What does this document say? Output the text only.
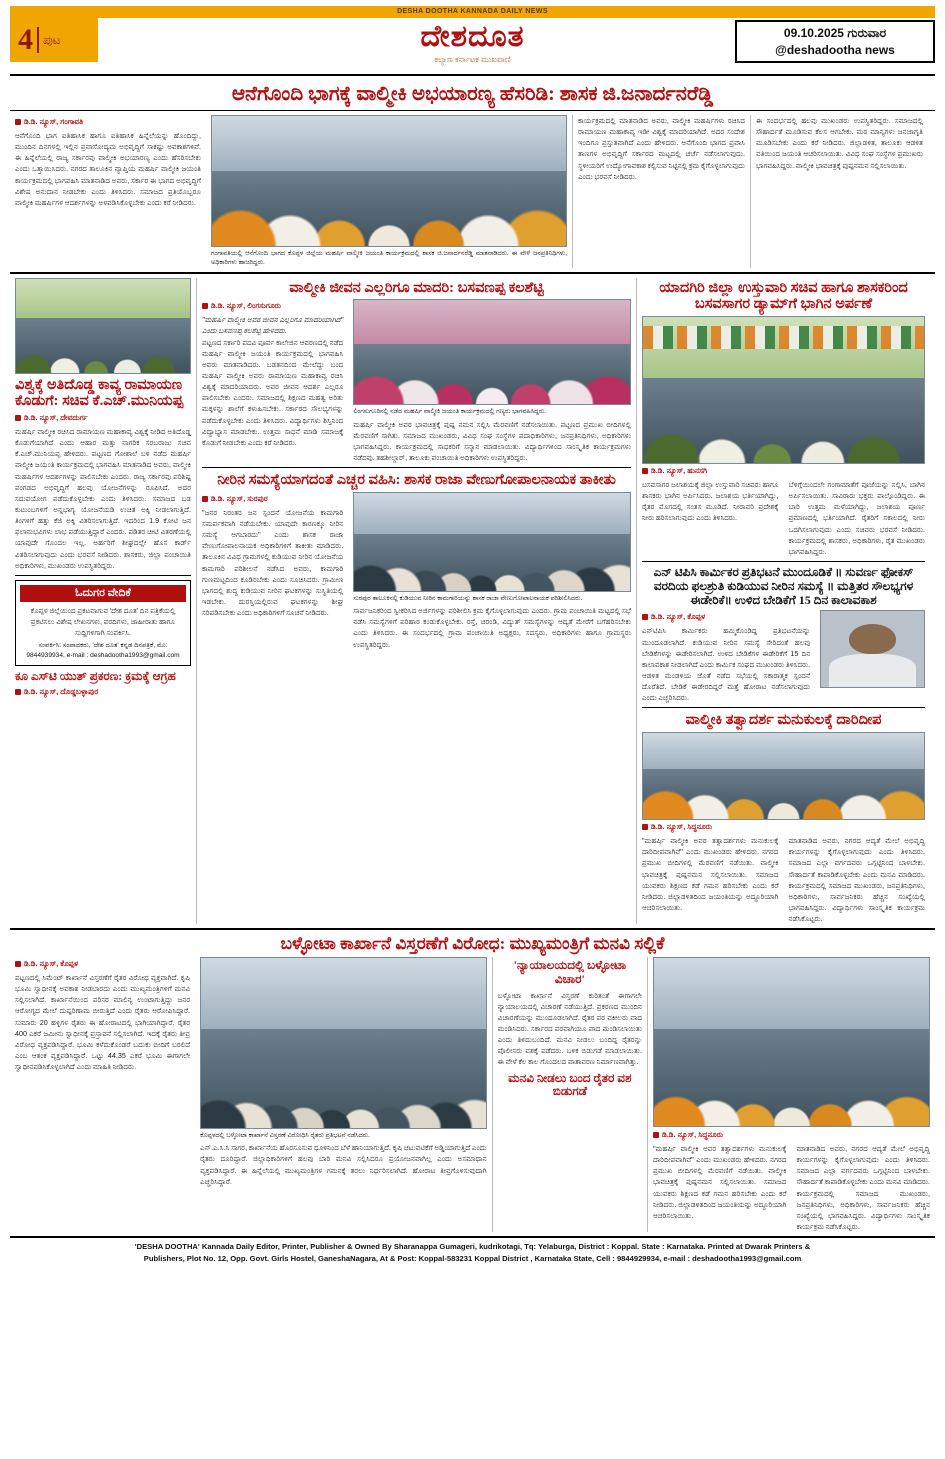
DESHA DOOTHA KANNADA DAILY NEWS
4 ಪುಟ	ದೇಶದೂತ
ಕಲ್ಯಾಣ ಕರ್ನಾಟಕ ಮುಖವಾಣಿ
09.10.2025 ಗುರುವಾರ
@deshadootha news
ಆನೆಗೊಂದಿ ಭಾಗಕ್ಕೆ ವಾಲ್ಮೀಕಿ ಅಭಯಾರಣ್ಯ ಹೆಸರಿಡಿ: ಶಾಸಕ ಜಿ.ಜನಾರ್ದನರೆಡ್ಡಿ
ಡಿ.ಡಿ. ನ್ಯೂಸ್, ಗಂಗಾವತಿ
ಆನೆಗೊಂದಿ ಭಾಗ ಐತಿಹಾಸಿಕ ಹಾಗೂ ಐತಿಹಾಸಿಕ ಹಿನ್ನೆಲೆಯನ್ನು ಹೊಂದಿದ್ದು, ಮುಂದಿನ ದಿನಗಳಲ್ಲಿ ಇಲ್ಲಿನ ಪ್ರವಾಸೋದ್ಯಮ ಅಭಿವೃದ್ಧಿಗೆ ಸಾಕಷ್ಟು ಅವಕಾಶಗಳಿವೆ. ಈ ಹಿನ್ನೆಲೆಯಲ್ಲಿ ರಾಜ್ಯ ಸರ್ಕಾರವು ವಾಲ್ಮೀಕಿ ಅಭಯಾರಣ್ಯ ಎಂದು ಹೆಸರಿಸಬೇಕು ಎಂದು ಒತ್ತಾಯಿಸಿದರು. ನಗರದ ತಾಲೂಕಿನ ವ್ಯಾಪ್ತಿಯ ಮಹರ್ಷಿ ವಾಲ್ಮೀಕಿ ಜಯಂತಿ ಕಾರ್ಯಕ್ರಮದಲ್ಲಿ ಭಾಗವಹಿಸಿ ಮಾತನಾಡಿದ ಅವರು, ಸರ್ಕಾರ ಈ ಭಾಗದ ಅಭಿವೃದ್ಧಿಗೆ ವಿಶೇಷ ಅನುದಾನ ನೀಡಬೇಕು ಎಂದು ತಿಳಿಸಿದರು. ಸಮಾಜದ ಪ್ರತಿಯೊಬ್ಬರೂ ವಾಲ್ಮೀಕಿ ಮಹರ್ಷಿಗಳ ಆದರ್ಶಗಳನ್ನು ಅಳವಡಿಸಿಕೊಳ್ಳಬೇಕು ಎಂದು ಕರೆ ನೀಡಿದರು.
ಗಂಗಾವತಿಯಲ್ಲಿ ಆನೆಗೊಂದಿ ಭಾಗದ ಕೊಪ್ಪಳ ಜಿಲ್ಲೆಯ ಮಹರ್ಷಿ ವಾಲ್ಮೀಕಿ ಜಯಂತಿ ಕಾರ್ಯಕ್ರಮದಲ್ಲಿ ಶಾಸಕ ಜಿ.ಜನಾರ್ದನರೆಡ್ಡಿ ಮಾತನಾಡಿದರು. ಈ ವೇಳೆ ಜನಪ್ರತಿನಿಧಿಗಳು, ಅಧಿಕಾರಿಗಳು ಹಾಜರಿದ್ದರು.
ಕಾರ್ಯಕ್ರಮದಲ್ಲಿ ಮಾತನಾಡಿದ ಅವರು, ವಾಲ್ಮೀಕಿ ಮಹರ್ಷಿಗಳು ರಚಿಸಿದ ರಾಮಾಯಣ ಮಹಾಕಾವ್ಯ ಇಡೀ ವಿಶ್ವಕ್ಕೆ ಮಾದರಿಯಾಗಿದೆ. ಅದರ ಸಂದೇಶ ಇಂದಿಗೂ ಪ್ರಸ್ತುತವಾಗಿದೆ ಎಂದು ಹೇಳಿದರು. ಆನೆಗೊಂದಿ ಭಾಗದ ಪ್ರವಾಸಿ ತಾಣಗಳ ಅಭಿವೃದ್ಧಿಗೆ ಸರ್ಕಾರದ ಮಟ್ಟದಲ್ಲಿ ಚರ್ಚೆ ನಡೆಸಲಾಗುವುದು. ಸ್ಥಳೀಯರಿಗೆ ಉದ್ಯೋಗಾವಕಾಶ ಕಲ್ಪಿಸುವ ನಿಟ್ಟಿನಲ್ಲಿ ಕ್ರಮ ಕೈಗೊಳ್ಳಲಾಗುವುದು ಎಂದು ಭರವಸೆ ನೀಡಿದರು.
ಈ ಸಂದರ್ಭದಲ್ಲಿ ಹಲವು ಮುಖಂಡರು ಉಪಸ್ಥಿತರಿದ್ದರು. ಸಮಾಜದಲ್ಲಿ ಸೌಹಾರ್ದತೆ ಮೂಡಿಸುವ ಕೆಲಸ ಆಗಬೇಕು. ಮಠ ಮಾನ್ಯಗಳು ಜನಜಾಗೃತಿ ಮೂಡಿಸಬೇಕು ಎಂದು ಕರೆ ನೀಡಿದರು. ಜಿಲ್ಲಾಡಳಿತ, ತಾಲೂಕು ಆಡಳಿತ ವತಿಯಿಂದ ಜಯಂತಿ ಆಚರಿಸಲಾಯಿತು. ವಿವಿಧ ಸಂಘ ಸಂಸ್ಥೆಗಳ ಪ್ರಮುಖರು ಭಾಗವಹಿಸಿದ್ದರು. ವಾಲ್ಮೀಕಿ ಭಾವಚಿತ್ರಕ್ಕೆ ಪುಷ್ಪನಮನ ಸಲ್ಲಿಸಲಾಯಿತು.
ವಿಶ್ವಕ್ಕೆ ಅತಿದೊಡ್ಡ ಕಾವ್ಯ ರಾಮಾಯಣ ಕೊಡುಗೆ: ಸಚಿವ ಕೆ.ಎಚ್.ಮುನಿಯಪ್ಪ
ಡಿ.ಡಿ. ನ್ಯೂಸ್, ದೇವದುರ್ಗ
ಮಹರ್ಷಿ ವಾಲ್ಮೀಕಿ ರಚಿಸಿದ ರಾಮಾಯಣ ಮಹಾಕಾವ್ಯ ವಿಶ್ವಕ್ಕೆ ನೀಡಿದ ಅತಿದೊಡ್ಡ ಕೊಡುಗೆಯಾಗಿದೆ ಎಂದು ಆಹಾರ ಮತ್ತು ನಾಗರಿಕ ಸರಬರಾಜು ಸಚಿವ ಕೆ.ಎಚ್.ಮುನಿಯಪ್ಪ ಹೇಳಿದರು. ಪಟ್ಟಣದ ಗೋಶಾಲೆ ಬಳಿ ನಡೆದ ಮಹರ್ಷಿ ವಾಲ್ಮೀಕಿ ಜಯಂತಿ ಕಾರ್ಯಕ್ರಮದಲ್ಲಿ ಭಾಗವಹಿಸಿ ಮಾತನಾಡಿದ ಅವರು, ವಾಲ್ಮೀಕಿ ಮಹರ್ಷಿಗಳ ಆದರ್ಶಗಳನ್ನು ಪಾಲಿಸಬೇಕು ಎಂದರು. ರಾಜ್ಯ ಸರ್ಕಾರವು ಪರಿಶಿಷ್ಟ ಪಂಗಡದ ಅಭಿವೃದ್ಧಿಗೆ ಹಲವು ಯೋಜನೆಗಳನ್ನು ರೂಪಿಸಿದೆ. ಅದರ ಸದುಪಯೋಗ ಪಡೆದುಕೊಳ್ಳಬೇಕು ಎಂದು ತಿಳಿಸಿದರು. ಸಮಾಜದ ಬಡ ಕುಟುಂಬಗಳಿಗೆ ಅನ್ನಭಾಗ್ಯ ಯೋಜನೆಯಡಿ ಉಚಿತ ಅಕ್ಕಿ ನೀಡಲಾಗುತ್ತಿದೆ. ತಿಂಗಳಿಗೆ ಹತ್ತು ಕೆಜಿ ಅಕ್ಕಿ ವಿತರಿಸಲಾಗುತ್ತಿದೆ. ಇದರಿಂದ 1.9 ಕೋಟಿ ಜನ ಫಲಾನುಭವಿಗಳು ಲಾಭ ಪಡೆಯುತ್ತಿದ್ದಾರೆ ಎಂದರು. ಪಡಿತರ ಚೀಟಿ ವಿತರಣೆಯಲ್ಲಿ ಯಾವುದೇ ಗೊಂದಲ ಇಲ್ಲ. ಅರ್ಹರಿಗೆ ಶೀಘ್ರದಲ್ಲೇ ಹೊಸ ಕಾರ್ಡ್ ವಿತರಿಸಲಾಗುವುದು ಎಂದು ಭರವಸೆ ನೀಡಿದರು. ಶಾಸಕರು, ಜಿಲ್ಲಾ ಪಂಚಾಯಿತಿ ಅಧಿಕಾರಿಗಳು, ಮುಖಂಡರು ಉಪಸ್ಥಿತರಿದ್ದರು.
ಓದುಗರ ವೇದಿಕೆ
ಕೊಪ್ಪಳ ಜಿಲ್ಲೆಯಿಂದ ಪ್ರಕಟವಾಗುವ 'ದೇಶ ದೂತ' ದಿನ ಪತ್ರಿಕೆಯಲ್ಲಿ ಪ್ರಕಟಿಸಲು ವಿಶೇಷ ಲೇಖನಗಳು, ವರದಿಗಳು, ಜಾಹೀರಾತು ಹಾಗೂ ಸುದ್ದಿಗಳಿಗಾಗಿ ಸಂಪರ್ಕಿಸಿ.
ಸಂಪರ್ಕಿಸಿ: ಸಂಪಾದಕರು, 'ದೇಶ ದೂತ' ಕನ್ನಡ ದಿನಪತ್ರಿಕೆ, ಮೊ: 9844939934, e-mail : deshadootha1993@gmail.com
ಕೂ ಎಸ್‌ಟಿ ಯುತ್ ಪ್ರಕರಣ: ಕ್ರಮಕ್ಕೆ ಆಗ್ರಹ
ಡಿ.ಡಿ. ನ್ಯೂಸ್, ದೊಡ್ಡಬಳ್ಳಾಪುರ
ವಾಲ್ಮೀಕಿ ಜೀವನ ಎಲ್ಲರಿಗೂ ಮಾದರಿ: ಬಸವಣಪ್ಪ ಕಲಶೆಟ್ಟಿ
ಡಿ.ಡಿ. ನ್ಯೂಸ್, ಲಿಂಗಸುಗೂರು
"ಮಹರ್ಷಿ ವಾಲ್ಮೀಕಿ ಅವರ ಜೀವನ ಎಲ್ಲರಿಗೂ ಮಾದರಿಯಾಗಿದೆ" ಎಂದು ಬಸವಣಪ್ಪ ಕಲಶೆಟ್ಟಿ ಹೇಳಿದರು.
ಪಟ್ಟಣದ ಸರ್ಕಾರಿ ಪದವಿ ಪೂರ್ವ ಕಾಲೇಜಿನ ಆವರಣದಲ್ಲಿ ನಡೆದ ಮಹರ್ಷಿ ವಾಲ್ಮೀಕಿ ಜಯಂತಿ ಕಾರ್ಯಕ್ರಮದಲ್ಲಿ ಭಾಗವಹಿಸಿ ಅವರು ಮಾತನಾಡಿದರು. ಬಡತನದಿಂದ ಮೇಲೆದ್ದು ಬಂದ ಮಹರ್ಷಿ ವಾಲ್ಮೀಕಿ ಅವರು ರಾಮಾಯಣ ಮಹಾಕಾವ್ಯ ರಚಿಸಿ ವಿಶ್ವಕ್ಕೆ ಮಾದರಿಯಾದರು. ಅವರ ಜೀವನ ಆದರ್ಶ ಎಲ್ಲರೂ ಪಾಲಿಸಬೇಕು ಎಂದರು. ಸಮಾಜದಲ್ಲಿ ಶಿಕ್ಷಣದ ಮಹತ್ವ ಅರಿತು ಮಕ್ಕಳನ್ನು ಶಾಲೆಗೆ ಕಳುಹಿಸಬೇಕು. ಸರ್ಕಾರದ ಸೌಲಭ್ಯಗಳನ್ನು ಪಡೆದುಕೊಳ್ಳಬೇಕು ಎಂದು ತಿಳಿಸಿದರು. ವಿದ್ಯಾರ್ಥಿಗಳು ಶಿಸ್ತಿನಿಂದ ವಿದ್ಯಾಭ್ಯಾಸ ಮಾಡಬೇಕು. ಉತ್ತಮ ಸಾಧನೆ ಮಾಡಿ ಸಮಾಜಕ್ಕೆ ಕೊಡುಗೆ ನೀಡಬೇಕು ಎಂದು ಕರೆ ನೀಡಿದರು.
ಲಿಂಗಸುಗೂರಿನಲ್ಲಿ ನಡೆದ ಮಹರ್ಷಿ ವಾಲ್ಮೀಕಿ ಜಯಂತಿ ಕಾರ್ಯಕ್ರಮದಲ್ಲಿ ಗಣ್ಯರು ಭಾಗವಹಿಸಿದ್ದರು.
ಮಹರ್ಷಿ ವಾಲ್ಮೀಕಿ ಅವರ ಭಾವಚಿತ್ರಕ್ಕೆ ಪುಷ್ಪ ನಮನ ಸಲ್ಲಿಸಿ ಮೆರವಣಿಗೆ ನಡೆಸಲಾಯಿತು. ಪಟ್ಟಣದ ಪ್ರಮುಖ ಬೀದಿಗಳಲ್ಲಿ ಮೆರವಣಿಗೆ ಸಾಗಿತು. ಸಮಾಜದ ಮುಖಂಡರು, ವಿವಿಧ ಸಂಘ ಸಂಸ್ಥೆಗಳ ಪದಾಧಿಕಾರಿಗಳು, ಜನಪ್ರತಿನಿಧಿಗಳು, ಅಧಿಕಾರಿಗಳು ಭಾಗವಹಿಸಿದ್ದರು. ಕಾರ್ಯಕ್ರಮದಲ್ಲಿ ಸಾಧಕರಿಗೆ ಸನ್ಮಾನ ಮಾಡಲಾಯಿತು. ವಿದ್ಯಾರ್ಥಿಗಳಿಂದ ಸಾಂಸ್ಕೃತಿಕ ಕಾರ್ಯಕ್ರಮಗಳು ನಡೆದವು. ತಹಶೀಲ್ದಾರ್, ತಾಲೂಕು ಪಂಚಾಯಿತಿ ಅಧಿಕಾರಿಗಳು ಉಪಸ್ಥಿತರಿದ್ದರು.
ನೀರಿನ ಸಮಸ್ಯೆಯಾಗದಂತೆ ಎಚ್ಚರ ವಹಿಸಿ: ಶಾಸಕ ರಾಜಾ ವೇಣುಗೋಪಾಲನಾಯಕ ತಾಕೀತು
ಡಿ.ಡಿ. ನ್ಯೂಸ್, ಸುರಪುರ
"ಜನರ ನಿರಂತರ ಜನ ಸ್ಪಂದನೆ ಯೋಜನೆಯ ಕಾಮಗಾರಿ ಸಮರ್ಪಕವಾಗಿ ನಡೆಯಬೇಕು. ಯಾವುದೇ ಕಾರಣಕ್ಕೂ ನೀರಿನ ಸಮಸ್ಯೆ ಆಗಬಾರದು" ಎಂದು ಶಾಸಕ ರಾಜಾ ವೇಣುಗೋಪಾಲನಾಯಕ ಅಧಿಕಾರಿಗಳಿಗೆ ತಾಕೀತು ಮಾಡಿದರು. ತಾಲೂಕಿನ ವಿವಿಧ ಗ್ರಾಮಗಳಲ್ಲಿ ಕುಡಿಯುವ ನೀರಿನ ಯೋಜನೆಯ ಕಾಮಗಾರಿ ಪರಿಶೀಲನೆ ನಡೆಸಿದ ಅವರು, ಕಾಮಗಾರಿ ಗುಣಮಟ್ಟದಿಂದ ಕೂಡಿರಬೇಕು ಎಂದು ಸೂಚಿಸಿದರು. ಗ್ರಾಮೀಣ ಭಾಗದಲ್ಲಿ ಶುದ್ಧ ಕುಡಿಯುವ ನೀರಿನ ಘಟಕಗಳನ್ನು ಸುಸ್ಥಿತಿಯಲ್ಲಿ ಇಡಬೇಕು. ದುರಸ್ತಿಯಲ್ಲಿರುವ ಘಟಕಗಳನ್ನು ಶೀಘ್ರ ಸರಿಪಡಿಸಬೇಕು ಎಂದು ಅಧಿಕಾರಿಗಳಿಗೆ ಸೂಚನೆ ನೀಡಿದರು.
ಸುರಪುರ ತಾಲೂಕಿನಲ್ಲಿ ಕುಡಿಯುವ ನೀರಿನ ಕಾಮಗಾರಿಯನ್ನು ಶಾಸಕ ರಾಜಾ ವೇಣುಗೋಪಾಲನಾಯಕ ಪರಿಶೀಲಿಸಿದರು.
ಸಾರ್ವಜನಿಕರಿಂದ ಸ್ವೀಕರಿಸಿದ ಅರ್ಜಿಗಳನ್ನು ಪರಿಶೀಲಿಸಿ ಕ್ರಮ ಕೈಗೊಳ್ಳಲಾಗುವುದು ಎಂದರು. ಗ್ರಾಮ ಪಂಚಾಯಿತಿ ಮಟ್ಟದಲ್ಲಿ ಸಭೆ ನಡೆಸಿ ಸಮಸ್ಯೆಗಳಿಗೆ ಪರಿಹಾರ ಕಂಡುಕೊಳ್ಳಬೇಕು. ರಸ್ತೆ, ಚರಂಡಿ, ವಿದ್ಯುತ್ ಸಮಸ್ಯೆಗಳನ್ನು ಆದ್ಯತೆ ಮೇರೆಗೆ ಬಗೆಹರಿಸಬೇಕು ಎಂದು ತಿಳಿಸಿದರು. ಈ ಸಂದರ್ಭದಲ್ಲಿ ಗ್ರಾಮ ಪಂಚಾಯಿತಿ ಅಧ್ಯಕ್ಷರು, ಸದಸ್ಯರು, ಅಧಿಕಾರಿಗಳು ಹಾಗೂ ಗ್ರಾಮಸ್ಥರು ಉಪಸ್ಥಿತರಿದ್ದರು.
ಯಾದಗಿರಿ ಜಿಲ್ಲಾ ಉಸ್ತುವಾರಿ ಸಚಿವ ಹಾಗೂ ಶಾಸಕರಿಂದ ಬಸವಸಾಗರ ಡ್ಯಾಮ್‌ಗೆ ಭಾಗಿನ ಅರ್ಪಣೆ
ಡಿ.ಡಿ. ನ್ಯೂಸ್, ಹುನಸಗಿ
ಬಸವಸಾಗರ ಜಲಾಶಯಕ್ಕೆ ಜಿಲ್ಲಾ ಉಸ್ತುವಾರಿ ಸಚಿವರು ಹಾಗೂ ಶಾಸಕರು ಭಾಗಿನ ಅರ್ಪಿಸಿದರು. ಜಲಾಶಯ ಭರ್ತಿಯಾಗಿದ್ದು, ರೈತರ ಮೊಗದಲ್ಲಿ ಸಂತಸ ಮೂಡಿದೆ. ನೀರಾವರಿ ಪ್ರದೇಶಕ್ಕೆ ನೀರು ಹರಿಸಲಾಗುವುದು ಎಂದು ತಿಳಿಸಿದರು.
ಬೆಳಿಗ್ಗೆಯಿಂದಲೇ ಗಂಗಾಮಾತೆಗೆ ಪೂಜೆಯನ್ನು ಸಲ್ಲಿಸಿ, ಬಾಗಿನ ಅರ್ಪಿಸಲಾಯಿತು. ಸಾವಿರಾರು ಭಕ್ತರು ಪಾಲ್ಗೊಂಡಿದ್ದರು. ಈ ಬಾರಿ ಉತ್ತಮ ಮಳೆಯಾಗಿದ್ದು, ಜಲಾಶಯ ಪೂರ್ಣ ಪ್ರಮಾಣದಲ್ಲಿ ಭರ್ತಿಯಾಗಿದೆ. ರೈತರಿಗೆ ಸಕಾಲದಲ್ಲಿ ನೀರು ಒದಗಿಸಲಾಗುವುದು ಎಂದು ಸಚಿವರು ಭರವಸೆ ನೀಡಿದರು. ಕಾರ್ಯಕ್ರಮದಲ್ಲಿ ಶಾಸಕರು, ಅಧಿಕಾರಿಗಳು, ರೈತ ಮುಖಂಡರು ಭಾಗವಹಿಸಿದ್ದರು.
ಎನ್ ಟಿಪಿಸಿ ಕಾರ್ಮಿಕರ ಪ್ರತಿಭಟನೆ ಮುಂದೂಡಿಕೆ ॥ ಸುವರ್ಣ ಫೋಕಸ್ ವರದಿಯ ಫಲಶ್ರುತಿ ಕುಡಿಯುವ ನೀರಿನ ಸಮಸ್ಯೆ ॥ ಮತ್ತಿತರ ಸೌಲಭ್ಯಗಳ ಈಡೇರಿಕೆ॥ ಉಳಿದ ಬೇಡಿಕೆಗೆ 15 ದಿನ ಕಾಲಾವಕಾಶ
ಡಿ.ಡಿ. ನ್ಯೂಸ್, ಕೊಪ್ಪಳ
ಎನ್‌ಟಿಪಿಸಿ ಕಾರ್ಮಿಕರು ಹಮ್ಮಿಕೊಂಡಿದ್ದ ಪ್ರತಿಭಟನೆಯನ್ನು ಮುಂದೂಡಲಾಗಿದೆ. ಕುಡಿಯುವ ನೀರಿನ ಸಮಸ್ಯೆ ಸೇರಿದಂತೆ ಹಲವು ಬೇಡಿಕೆಗಳನ್ನು ಈಡೇರಿಸಲಾಗಿದೆ. ಉಳಿದ ಬೇಡಿಕೆಗಳ ಈಡೇರಿಕೆಗೆ 15 ದಿನ ಕಾಲಾವಕಾಶ ನೀಡಲಾಗಿದೆ ಎಂದು ಕಾರ್ಮಿಕ ಸಂಘದ ಮುಖಂಡರು ತಿಳಿಸಿದರು. ಆಡಳಿತ ಮಂಡಳಿಯ ಜೊತೆ ನಡೆದ ಸಭೆಯಲ್ಲಿ ಸಕಾರಾತ್ಮಕ ಸ್ಪಂದನೆ ದೊರೆತಿದೆ. ಬೇಡಿಕೆ ಈಡೇರದಿದ್ದರೆ ಮತ್ತೆ ಹೋರಾಟ ನಡೆಸಲಾಗುವುದು ಎಂದು ಎಚ್ಚರಿಸಿದರು.
ವಾಲ್ಮೀಕಿ ತತ್ವಾದರ್ಶ ಮನುಕುಲಕ್ಕೆ ದಾರಿದೀಪ
ಡಿ.ಡಿ. ನ್ಯೂಸ್, ಸಿದ್ಧನೂರು
"ಮಹರ್ಷಿ ವಾಲ್ಮೀಕಿ ಅವರ ತತ್ವಾದರ್ಶಗಳು ಮನುಕುಲಕ್ಕೆ ದಾರಿದೀಪವಾಗಿವೆ" ಎಂದು ಮುಖಂಡರು ಹೇಳಿದರು. ನಗರದ ಪ್ರಮುಖ ಬೀದಿಗಳಲ್ಲಿ ಮೆರವಣಿಗೆ ನಡೆಯಿತು. ವಾಲ್ಮೀಕಿ ಭಾವಚಿತ್ರಕ್ಕೆ ಪುಷ್ಪನಮನ ಸಲ್ಲಿಸಲಾಯಿತು. ಸಮಾಜದ ಯುವಕರು ಶಿಕ್ಷಣದ ಕಡೆ ಗಮನ ಹರಿಸಬೇಕು ಎಂದು ಕರೆ ನೀಡಿದರು. ಜಿಲ್ಲಾಡಳಿತದಿಂದ ಜಯಂತಿಯನ್ನು ಅದ್ಧೂರಿಯಾಗಿ ಆಚರಿಸಲಾಯಿತು.
ಮಾತನಾಡಿದ ಅವರು, ನಗರದ ಆದ್ಯತೆ ಮೇಲೆ ಅಭಿವೃದ್ಧಿ ಕಾರ್ಯಗಳನ್ನು ಕೈಗೊಳ್ಳಲಾಗುವುದು ಎಂದು ತಿಳಿಸಿದರು. ಸಮಾಜದ ಎಲ್ಲಾ ವರ್ಗದವರು ಒಗ್ಗಟ್ಟಿನಿಂದ ಬಾಳಬೇಕು. ಸೌಹಾರ್ದತೆ ಕಾಪಾಡಿಕೊಳ್ಳಬೇಕು ಎಂದು ಮನವಿ ಮಾಡಿದರು. ಕಾರ್ಯಕ್ರಮದಲ್ಲಿ ಸಮಾಜದ ಮುಖಂಡರು, ಜನಪ್ರತಿನಿಧಿಗಳು, ಅಧಿಕಾರಿಗಳು, ಸಾರ್ವಜನಿಕರು ಹೆಚ್ಚಿನ ಸಂಖ್ಯೆಯಲ್ಲಿ ಭಾಗವಹಿಸಿದ್ದರು. ವಿದ್ಯಾರ್ಥಿಗಳು ಸಾಂಸ್ಕೃತಿಕ ಕಾರ್ಯಕ್ರಮ ನಡೆಸಿಕೊಟ್ಟರು.
ಬಳ್ಳೋಟಾ ಕಾರ್ಖಾನೆ ವಿಸ್ತರಣೆಗೆ ವಿರೋಧ: ಮುಖ್ಯಮಂತ್ರಿಗೆ ಮನವಿ ಸಲ್ಲಿಕೆ
ಡಿ.ಡಿ. ನ್ಯೂಸ್, ಕೊಪ್ಪಳ
ಪಟ್ಟಣದಲ್ಲಿ ಸಿಮೆಂಟ್ ಕಾರ್ಖಾನೆ ವಿಸ್ತರಣೆಗೆ ರೈತರ ವಿರೋಧ ವ್ಯಕ್ತವಾಗಿದೆ. ಕೃಷಿ ಭೂಮಿ ಸ್ವಾಧೀನಕ್ಕೆ ಅವಕಾಶ ನೀಡಬಾರದು ಎಂದು ಮುಖ್ಯಮಂತ್ರಿಗಳಿಗೆ ಮನವಿ ಸಲ್ಲಿಸಲಾಗಿದೆ. ಕಾರ್ಖಾನೆಯಿಂದ ಪರಿಸರ ಮಾಲಿನ್ಯ ಉಂಟಾಗುತ್ತಿದ್ದು ಜನರ ಆರೋಗ್ಯದ ಮೇಲೆ ದುಷ್ಪರಿಣಾಮ ಬೀರುತ್ತಿದೆ ಎಂದು ರೈತರು ಆರೋಪಿಸಿದ್ದಾರೆ. ಸುಮಾರು 20 ಹಳ್ಳಿಗಳ ರೈತರು ಈ ಹೋರಾಟದಲ್ಲಿ ಭಾಗಿಯಾಗಿದ್ದಾರೆ. ರೈತರ 400 ಎಕರೆ ಜಮೀನು ಸ್ವಾಧೀನಕ್ಕೆ ಪ್ರಸ್ತಾವನೆ ಸಲ್ಲಿಸಲಾಗಿದೆ. ಇದಕ್ಕೆ ರೈತರು ತೀವ್ರ ವಿರೋಧ ವ್ಯಕ್ತಪಡಿಸಿದ್ದಾರೆ. ಭೂಮಿ ಕಳೆದುಕೊಂಡರೆ ಬದುಕು ಬೀದಿಗೆ ಬರಲಿದೆ ಎಂಬ ಆತಂಕ ವ್ಯಕ್ತಪಡಿಸಿದ್ದಾರೆ. ಒಟ್ಟು 44.35 ಎಕರೆ ಭೂಮಿ ಈಗಾಗಲೇ ಸ್ವಾಧೀನಪಡಿಸಿಕೊಳ್ಳಲಾಗಿದೆ ಎಂದು ಮಾಹಿತಿ ನೀಡಿದರು.
ಕೊಪ್ಪಳದಲ್ಲಿ ಬಳ್ಳೋಟಾ ಕಾರ್ಖಾನೆ ವಿಸ್ತರಣೆ ವಿರೋಧಿಸಿ ರೈತರು ಪ್ರತಿಭಟನೆ ನಡೆಸಿದರು.
ಎನ್.ಎ.ಸಿ.ಸಿ ಸಾಗರ, ಕಾರ್ಖಾನೆಯ ಹೊರಸೂಸುವ ಧೂಳಿನಿಂದ ಬೆಳೆ ಹಾನಿಯಾಗುತ್ತಿದೆ. ಕೃಷಿ ಚಟುವಟಿಕೆಗೆ ಅಡ್ಡಿಯಾಗುತ್ತಿದೆ ಎಂದು ರೈತರು ದೂರಿದ್ದಾರೆ. ಜಿಲ್ಲಾಧಿಕಾರಿಗಳಿಗೆ ಹಲವು ಬಾರಿ ಮನವಿ ಸಲ್ಲಿಸಿದರೂ ಪ್ರಯೋಜನವಾಗಿಲ್ಲ ಎಂದು ಅಸಮಾಧಾನ ವ್ಯಕ್ತಪಡಿಸಿದ್ದಾರೆ. ಈ ಹಿನ್ನೆಲೆಯಲ್ಲಿ ಮುಖ್ಯಮಂತ್ರಿಗಳ ಗಮನಕ್ಕೆ ತರಲು ನಿರ್ಧರಿಸಲಾಗಿದೆ. ಹೋರಾಟ ತೀವ್ರಗೊಳಿಸುವುದಾಗಿ ಎಚ್ಚರಿಸಿದ್ದಾರೆ.
'ನ್ಯಾಯಾಲಯದಲ್ಲಿ ಬಳ್ಳೋಟಾ ವಿಚಾರ'
ಬಳ್ಳೋಟಾ ಕಾರ್ಖಾನೆ ವಿಸ್ತರಣೆ ಕುರಿತಂತೆ ಈಗಾಗಲೇ ನ್ಯಾಯಾಲಯದಲ್ಲಿ ವಿಚಾರಣೆ ನಡೆಯುತ್ತಿದೆ. ಪ್ರಕರಣದ ಮುಂದಿನ ವಿಚಾರಣೆಯನ್ನು ಮುಂದೂಡಲಾಗಿದೆ. ರೈತರ ಪರ ವಕೀಲರು ವಾದ ಮಂಡಿಸಿದರು. ಸರ್ಕಾರದ ಪರವಾಗಿಯೂ ವಾದ ಮಂಡಿಸಲಾಯಿತು ಎಂದು ತಿಳಿದುಬಂದಿದೆ. ಮನವಿ ನೀಡಲು ಬಂದಿದ್ದ ರೈತರನ್ನು ಪೊಲೀಸರು ವಶಕ್ಕೆ ಪಡೆದರು. ಬಳಿಕ ಬಿಡುಗಡೆ ಮಾಡಲಾಯಿತು. ಈ ವೇಳೆ ಕೆಲ ಕಾಲ ಗೊಂದಲದ ವಾತಾವರಣ ನಿರ್ಮಾಣವಾಗಿತ್ತು.
ಮನವಿ ನೀಡಲು ಬಂದ ರೈತರ ವಶ ಬಿಡುಗಡೆ
ಡಿ.ಡಿ. ನ್ಯೂಸ್, ಸಿದ್ಧನೂರು
"ಮಹರ್ಷಿ ವಾಲ್ಮೀಕಿ ಅವರ ತತ್ವಾದರ್ಶಗಳು ಮನುಕುಲಕ್ಕೆ ದಾರಿದೀಪವಾಗಿವೆ" ಎಂದು ಮುಖಂಡರು ಹೇಳಿದರು. ನಗರದ ಪ್ರಮುಖ ಬೀದಿಗಳಲ್ಲಿ ಮೆರವಣಿಗೆ ನಡೆಯಿತು. ವಾಲ್ಮೀಕಿ ಭಾವಚಿತ್ರಕ್ಕೆ ಪುಷ್ಪನಮನ ಸಲ್ಲಿಸಲಾಯಿತು. ಸಮಾಜದ ಯುವಕರು ಶಿಕ್ಷಣದ ಕಡೆ ಗಮನ ಹರಿಸಬೇಕು ಎಂದು ಕರೆ ನೀಡಿದರು. ಜಿಲ್ಲಾಡಳಿತದಿಂದ ಜಯಂತಿಯನ್ನು ಅದ್ಧೂರಿಯಾಗಿ ಆಚರಿಸಲಾಯಿತು.
ಮಾತನಾಡಿದ ಅವರು, ನಗರದ ಆದ್ಯತೆ ಮೇಲೆ ಅಭಿವೃದ್ಧಿ ಕಾರ್ಯಗಳನ್ನು ಕೈಗೊಳ್ಳಲಾಗುವುದು ಎಂದು ತಿಳಿಸಿದರು. ಸಮಾಜದ ಎಲ್ಲಾ ವರ್ಗದವರು ಒಗ್ಗಟ್ಟಿನಿಂದ ಬಾಳಬೇಕು. ಸೌಹಾರ್ದತೆ ಕಾಪಾಡಿಕೊಳ್ಳಬೇಕು ಎಂದು ಮನವಿ ಮಾಡಿದರು. ಕಾರ್ಯಕ್ರಮದಲ್ಲಿ ಸಮಾಜದ ಮುಖಂಡರು, ಜನಪ್ರತಿನಿಧಿಗಳು, ಅಧಿಕಾರಿಗಳು, ಸಾರ್ವಜನಿಕರು ಹೆಚ್ಚಿನ ಸಂಖ್ಯೆಯಲ್ಲಿ ಭಾಗವಹಿಸಿದ್ದರು. ವಿದ್ಯಾರ್ಥಿಗಳು ಸಾಂಸ್ಕೃತಿಕ ಕಾರ್ಯಕ್ರಮ ನಡೆಸಿಕೊಟ್ಟರು.
'DESHA DOOTHA' Kannada Daily Editor, Printer, Publisher & Owned By Sharanappa Gumageri, kudrikotagi, Tq: Yelaburga, District : Koppal. State : Karnataka. Printed at Dwarak Printers &
Publishers, Plot No. 12, Opp. Govt. Girls Hostel, GaneshaNagara, At & Post: Koppal-583231 Koppal District , Karnataka State, Cell : 9844929934, e-mail : deshadootha1993@gmail.com
